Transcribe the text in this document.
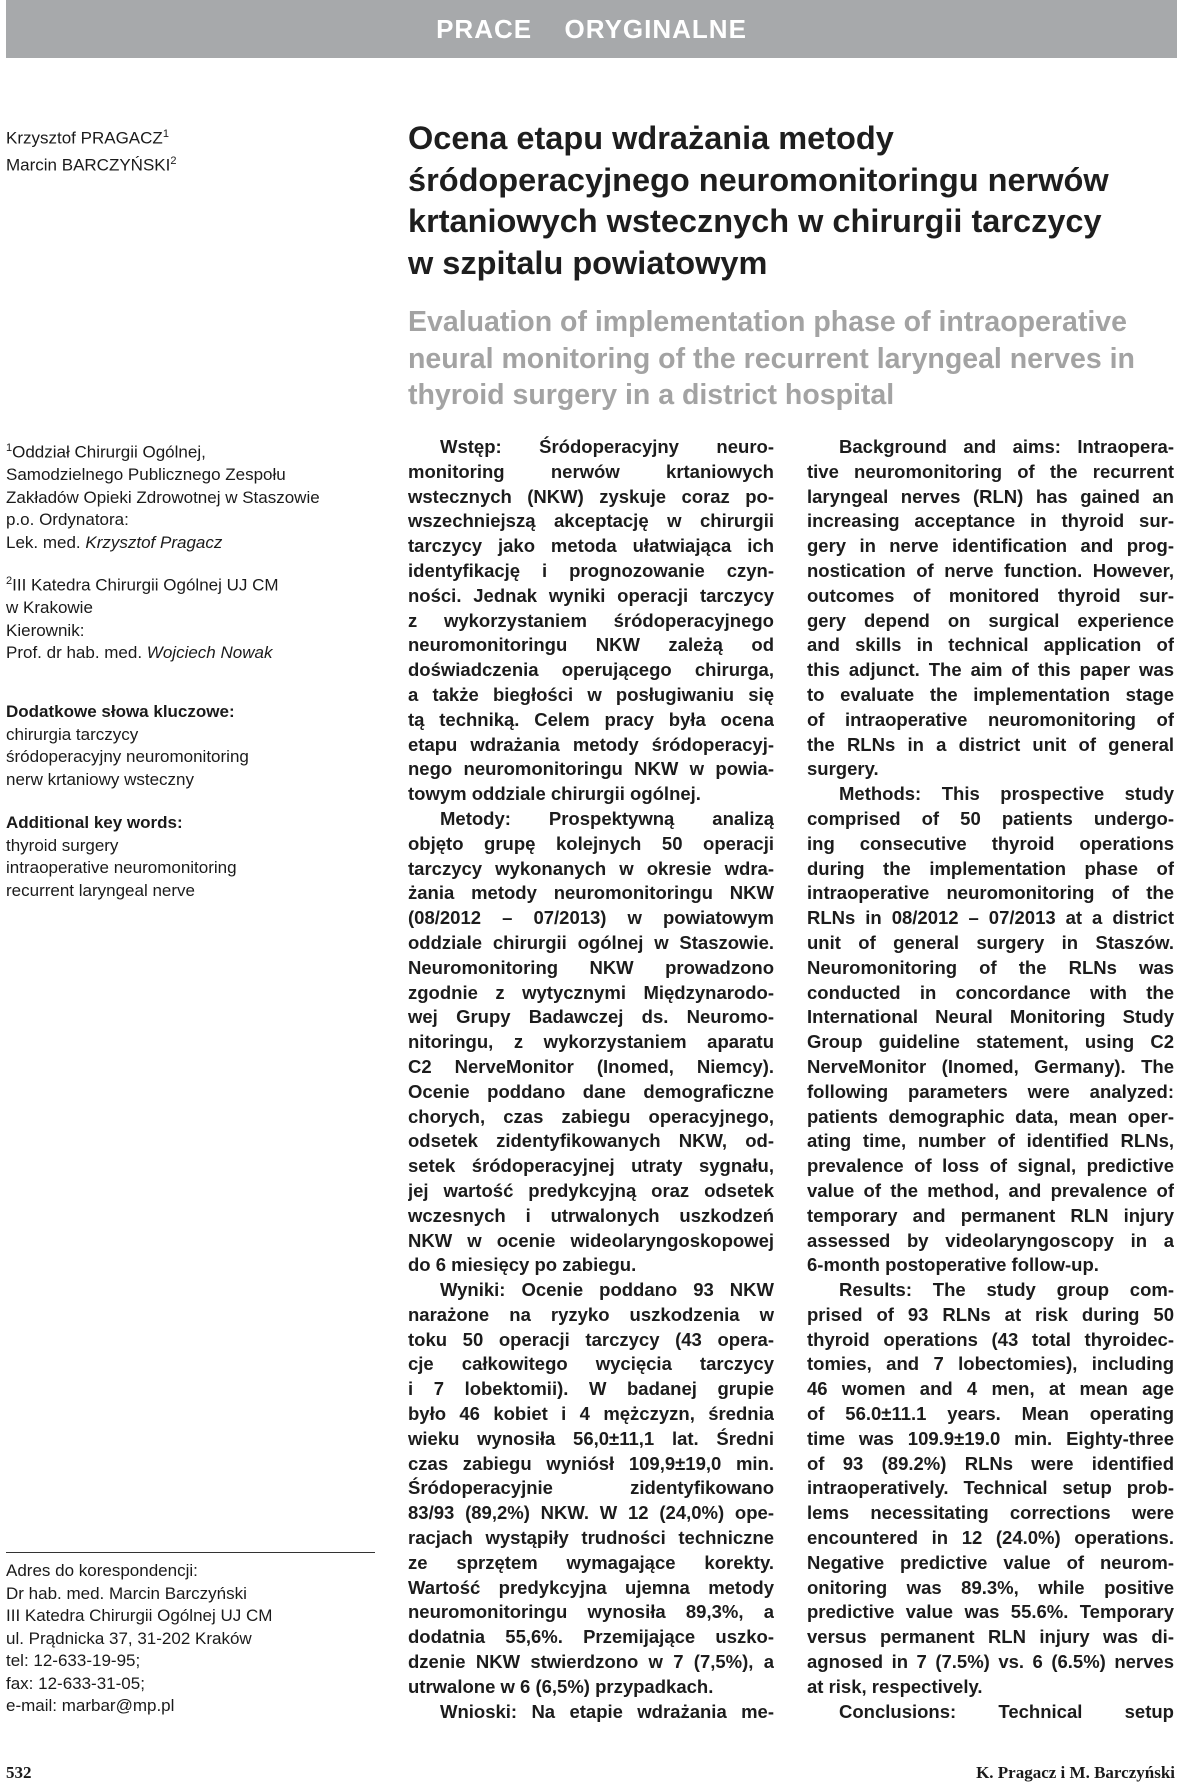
PRACE  ORYGINALNE
Krzysztof PRAGACZ$^1$
Marcin BARCZYŃSKI$^2$
Ocena etapu wdrażania metody
śródoperacyjnego neuromonitoringu nerwów
krtaniowych wstecznych w chirurgii tarczycy
w szpitalu powiatowym
Evaluation of implementation phase of intraoperative
neural monitoring of the recurrent laryngeal nerves in
thyroid surgery in a district hospital
$^1$Oddział Chirurgii Ogólnej,
Samodzielnego Publicznego Zespołu
Zakładów Opieki Zdrowotnej w Staszowie
p.o. Ordynatora:
Lek. med. Krzysztof Pragacz
$^2$III Katedra Chirurgii Ogólnej UJ CM
w Krakowie
Kierownik:
Prof. dr hab. med. Wojciech Nowak
Dodatkowe słowa kluczowe:
chirurgia tarczycy
śródoperacyjny neuromonitoring
nerw krtaniowy wsteczny
Additional key words:
thyroid surgery
intraoperative neuromonitoring
recurrent laryngeal nerve
Adres do korespondencji:
Dr hab. med. Marcin Barczyński
III Katedra Chirurgii Ogólnej UJ CM
ul. Prądnicka 37, 31-202 Kraków
tel: 12-633-19-95;
fax: 12-633-31-05;
e-mail: marbar@mp.pl
Wstęp: Śródoperacyjny neuro-
monitoring nerwów krtaniowych
wstecznych (NKW) zyskuje coraz po-
wszechniejszą akceptację w chirurgii
tarczycy jako metoda ułatwiająca ich
identyfikację i prognozowanie czyn-
ności. Jednak wyniki operacji tarczycy
z wykorzystaniem śródoperacyjnego
neuromonitoringu NKW zależą od
doświadczenia operującego chirurga,
a także biegłości w posługiwaniu się
tą techniką. Celem pracy była ocena
etapu wdrażania metody śródoperacyj-
nego neuromonitoringu NKW w powia-
towym oddziale chirurgii ogólnej.
Metody: Prospektywną analizą
objęto grupę kolejnych 50 operacji
tarczycy wykonanych w okresie wdra-
żania metody neuromonitoringu NKW
(08/2012 – 07/2013) w powiatowym
oddziale chirurgii ogólnej w Staszowie.
Neuromonitoring NKW prowadzono
zgodnie z wytycznymi Międzynarodo-
wej Grupy Badawczej ds. Neuromo-
nitoringu, z wykorzystaniem aparatu
C2 NerveMonitor (Inomed, Niemcy).
Ocenie poddano dane demograficzne
chorych, czas zabiegu operacyjnego,
odsetek zidentyfikowanych NKW, od-
setek śródoperacyjnej utraty sygnału,
jej wartość predykcyjną oraz odsetek
wczesnych i utrwalonych uszkodzeń
NKW w ocenie wideolaryngoskopowej
do 6 miesięcy po zabiegu.
Wyniki: Ocenie poddano 93 NKW
narażone na ryzyko uszkodzenia w
toku 50 operacji tarczycy (43 opera-
cje całkowitego wycięcia tarczycy
i 7 lobektomii). W badanej grupie
było 46 kobiet i 4 mężczyzn, średnia
wieku wynosiła 56,0±11,1 lat. Średni
czas zabiegu wyniósł 109,9±19,0 min.
Śródoperacyjnie zidentyfikowano
83/93 (89,2%) NKW. W 12 (24,0%) ope-
racjach wystąpiły trudności techniczne
ze sprzętem wymagające korekty.
Wartość predykcyjna ujemna metody
neuromonitoringu wynosiła 89,3%, a
dodatnia 55,6%. Przemijające uszko-
dzenie NKW stwierdzono w 7 (7,5%), a
utrwalone w 6 (6,5%) przypadkach.
Wnioski: Na etapie wdrażania me-
Background and aims: Intraopera-
tive neuromonitoring of the recurrent
laryngeal nerves (RLN) has gained an
increasing acceptance in thyroid sur-
gery in nerve identification and prog-
nostication of nerve function. However,
outcomes of monitored thyroid sur-
gery depend on surgical experience
and skills in technical application of
this adjunct. The aim of this paper was
to evaluate the implementation stage
of intraoperative neuromonitoring of
the RLNs in a district unit of general
surgery.
Methods: This prospective study
comprised of 50 patients undergo-
ing consecutive thyroid operations
during the implementation phase of
intraoperative neuromonitoring of the
RLNs in 08/2012 – 07/2013 at a district
unit of general surgery in Staszów.
Neuromonitoring of the RLNs was
conducted in concordance with the
International Neural Monitoring Study
Group guideline statement, using C2
NerveMonitor (Inomed, Germany). The
following parameters were analyzed:
patients demographic data, mean oper-
ating time, number of identified RLNs,
prevalence of loss of signal, predictive
value of the method, and prevalence of
temporary and permanent RLN injury
assessed by videolaryngoscopy in a
6-month postoperative follow-up.
Results: The study group com-
prised of 93 RLNs at risk during 50
thyroid operations (43 total thyroidec-
tomies, and 7 lobectomies), including
46 women and 4 men, at mean age
of 56.0±11.1 years. Mean operating
time was 109.9±19.0 min. Eighty-three
of 93 (89.2%) RLNs were identified
intraoperatively. Technical setup prob-
lems necessitating corrections were
encountered in 12 (24.0%) operations.
Negative predictive value of neurom-
onitoring was 89.3%, while positive
predictive value was 55.6%. Temporary
versus permanent RLN injury was di-
agnosed in 7 (7.5%) vs. 6 (6.5%) nerves
at risk, respectively.
Conclusions: Technical setup
532	K. Pragacz i M. Barczyński
